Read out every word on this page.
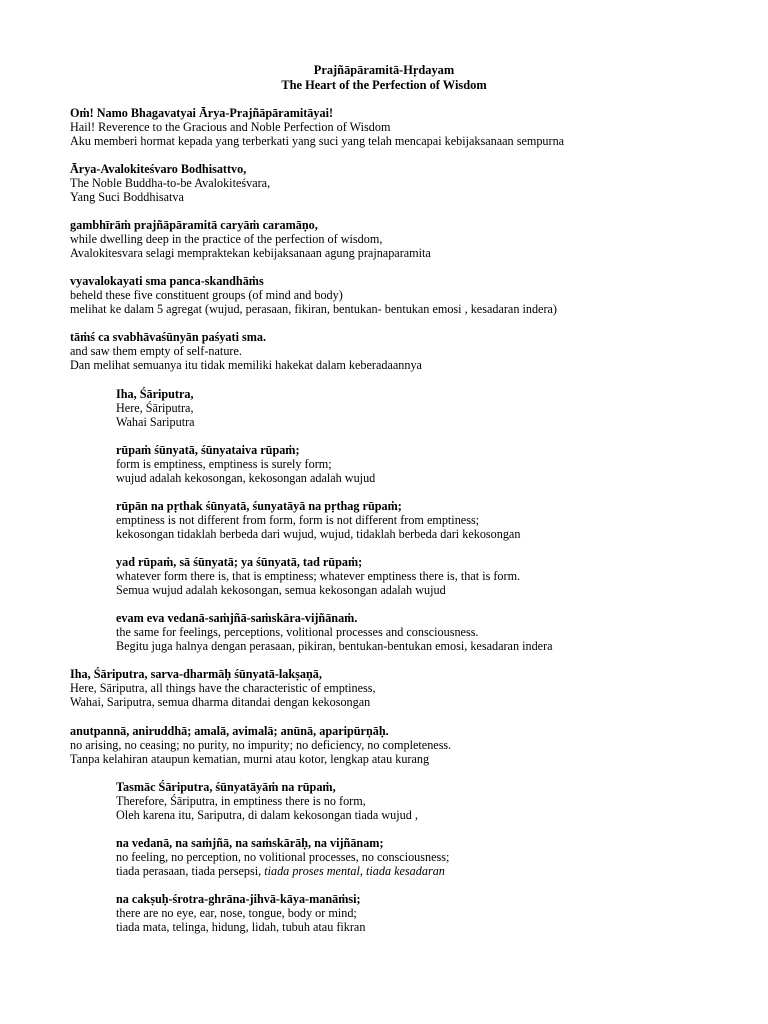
Prajñāpāramitā-Hṛdayam
The Heart of the Perfection of Wisdom
Oṁ! Namo Bhagavatyai Ārya-Prajñāpāramitāyai!
Hail! Reverence to the Gracious and Noble Perfection of Wisdom
Aku memberi hormat kepada yang terberkati yang suci yang telah mencapai kebijaksanaan sempurna
Ārya-Avalokiteśvaro Bodhisattvo,
The Noble Buddha-to-be Avalokiteśvara,
Yang Suci Boddhisatva
gambhīrāṁ prajñāpāramitā caryāṁ caramāṇo,
while dwelling deep in the practice of the perfection of wisdom,
Avalokitesvara selagi mempraktekan kebijaksanaan agung prajnaparamita
vyavalokayati sma panca-skandhāṁs
beheld these five constituent groups (of mind and body)
melihat ke dalam 5 agregat (wujud, perasaan, fikiran, bentukan- bentukan emosi , kesadaran indera)
tāṁś ca svabhāvaśūnyān paśyati sma.
and saw them empty of self-nature.
Dan melihat semuanya itu tidak memiliki hakekat dalam keberadaannya
Iha, Śāriputra,
Here, Śāriputra,
Wahai Sariputra
rūpaṁ śūnyatā, śūnyataiva rūpaṁ;
form is emptiness, emptiness is surely form;
wujud adalah kekosongan, kekosongan adalah wujud
rūpān na pṛthak śūnyatā, śunyatāyā na pṛthag rūpaṁ;
emptiness is not different from form, form is not different from emptiness;
kekosongan tidaklah berbeda dari wujud, wujud, tidaklah berbeda dari kekosongan
yad rūpaṁ, sā śūnyatā; ya śūnyatā, tad rūpaṁ;
whatever form there is, that is emptiness; whatever emptiness there is, that is form.
Semua wujud adalah kekosongan, semua kekosongan adalah wujud
evam eva vedanā-saṁjñā-saṁskāra-vijñānaṁ.
the same for feelings, perceptions, volitional processes and consciousness.
Begitu juga halnya dengan perasaan, pikiran, bentukan-bentukan emosi, kesadaran indera
Iha, Śāriputra, sarva-dharmāḥ śūnyatā-lakṣaṇā,
Here, Sāriputra, all things have the characteristic of emptiness,
Wahai, Sariputra, semua dharma ditandai dengan kekosongan
anutpannā, aniruddhā; amalā, avimalā; anūnā, aparipūrṇāḥ.
no arising, no ceasing; no purity, no impurity; no deficiency, no completeness.
Tanpa kelahiran ataupun kematian, murni atau kotor, lengkap atau kurang
Tasmāc Śāriputra, śūnyatāyāṁ na rūpaṁ,
Therefore, Śāriputra, in emptiness there is no form,
Oleh karena itu, Sariputra, di dalam kekosongan tiada wujud ,
na vedanā, na saṁjñā, na saṁskārāḥ, na vijñānam;
no feeling, no perception, no volitional processes, no consciousness;
tiada perasaan, tiada persepsi, tiada proses mental, tiada kesadaran
na cakṣuḥ-śrotra-ghrāna-jihvā-kāya-manāṁsi;
there are no eye, ear, nose, tongue, body or mind;
tiada mata, telinga, hidung, lidah, tubuh atau fikran
